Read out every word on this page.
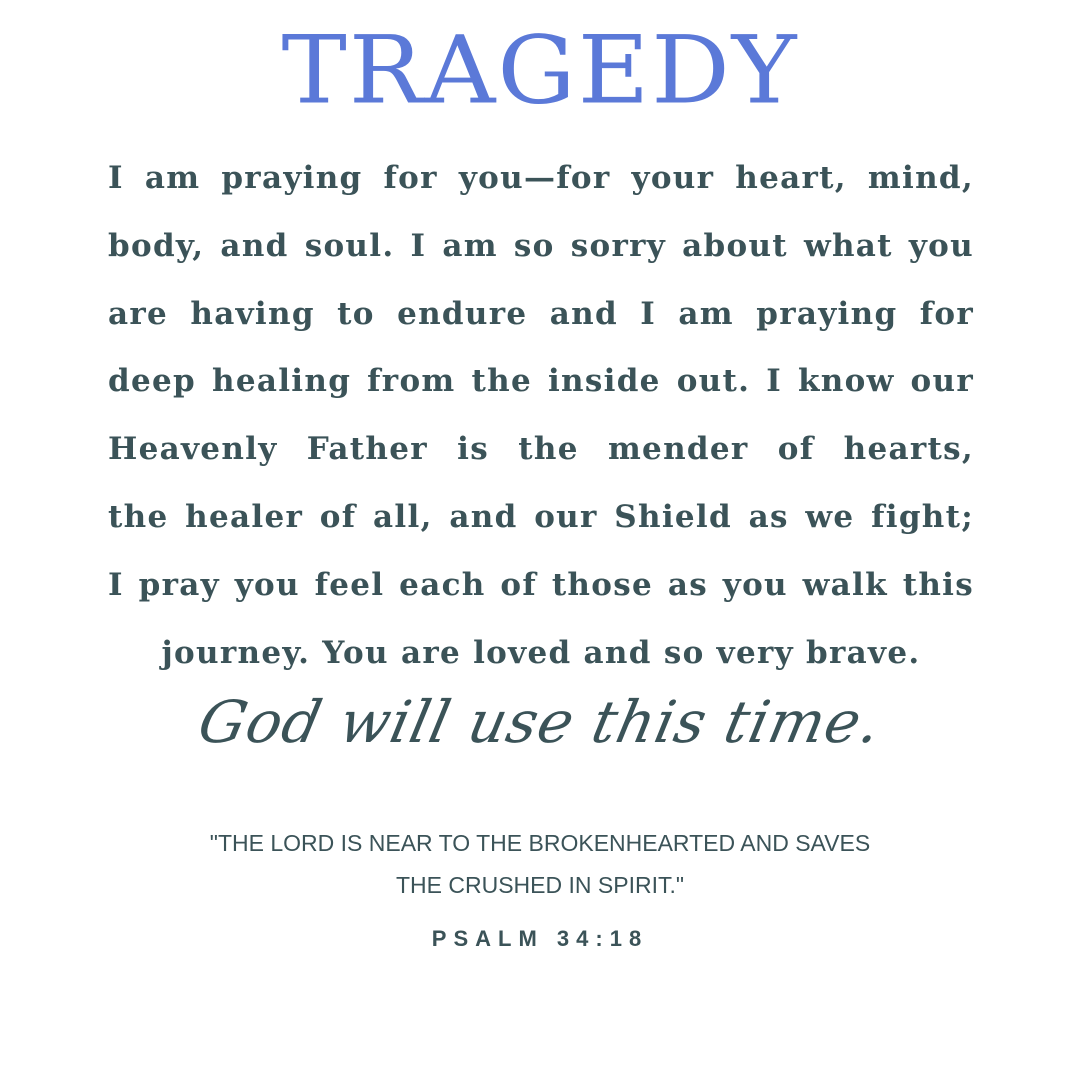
TRAGEDY
I am praying for you—for your heart, mind,
body, and soul. I am so sorry about what you
are having to endure and I am praying for
deep healing from the inside out. I know our
Heavenly Father is the mender of hearts,
the healer of all, and our Shield as we fight;
I pray you feel each of those as you walk this
journey. You are loved and so very brave.

God will use this time.

"THE LORD IS NEAR TO THE BROKENHEARTED AND SAVES
THE CRUSHED IN SPIRIT."

PSALM 34:18
